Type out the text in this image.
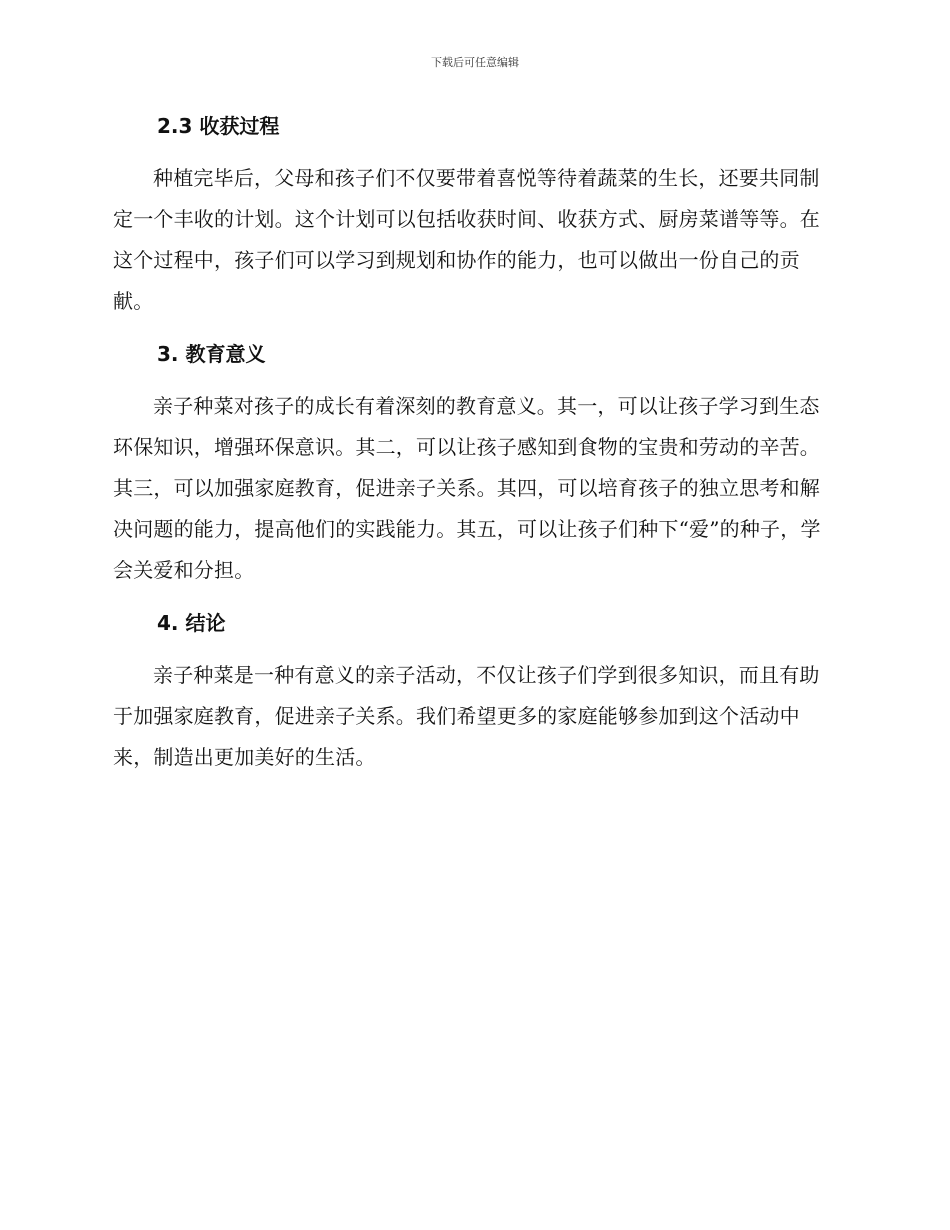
下载后可任意编辑
2.3 收获过程

种植完毕后，父母和孩子们不仅要带着喜悦等待着蔬菜的生长，还要共同制定一个丰收的计划。这个计划可以包括收获时间、收获方式、厨房菜谱等等。在这个过程中，孩子们可以学习到规划和协作的能力，也可以做出一份自己的贡献。

3. 教育意义

亲子种菜对孩子的成长有着深刻的教育意义。其一，可以让孩子学习到生态环保知识，增强环保意识。其二，可以让孩子感知到食物的宝贵和劳动的辛苦。其三，可以加强家庭教育，促进亲子关系。其四，可以培育孩子的独立思考和解决问题的能力，提高他们的实践能力。其五，可以让孩子们种下“爱”的种子，学会关爱和分担。

4. 结论

亲子种菜是一种有意义的亲子活动，不仅让孩子们学到很多知识，而且有助于加强家庭教育，促进亲子关系。我们希望更多的家庭能够参加到这个活动中来，制造出更加美好的生活。
